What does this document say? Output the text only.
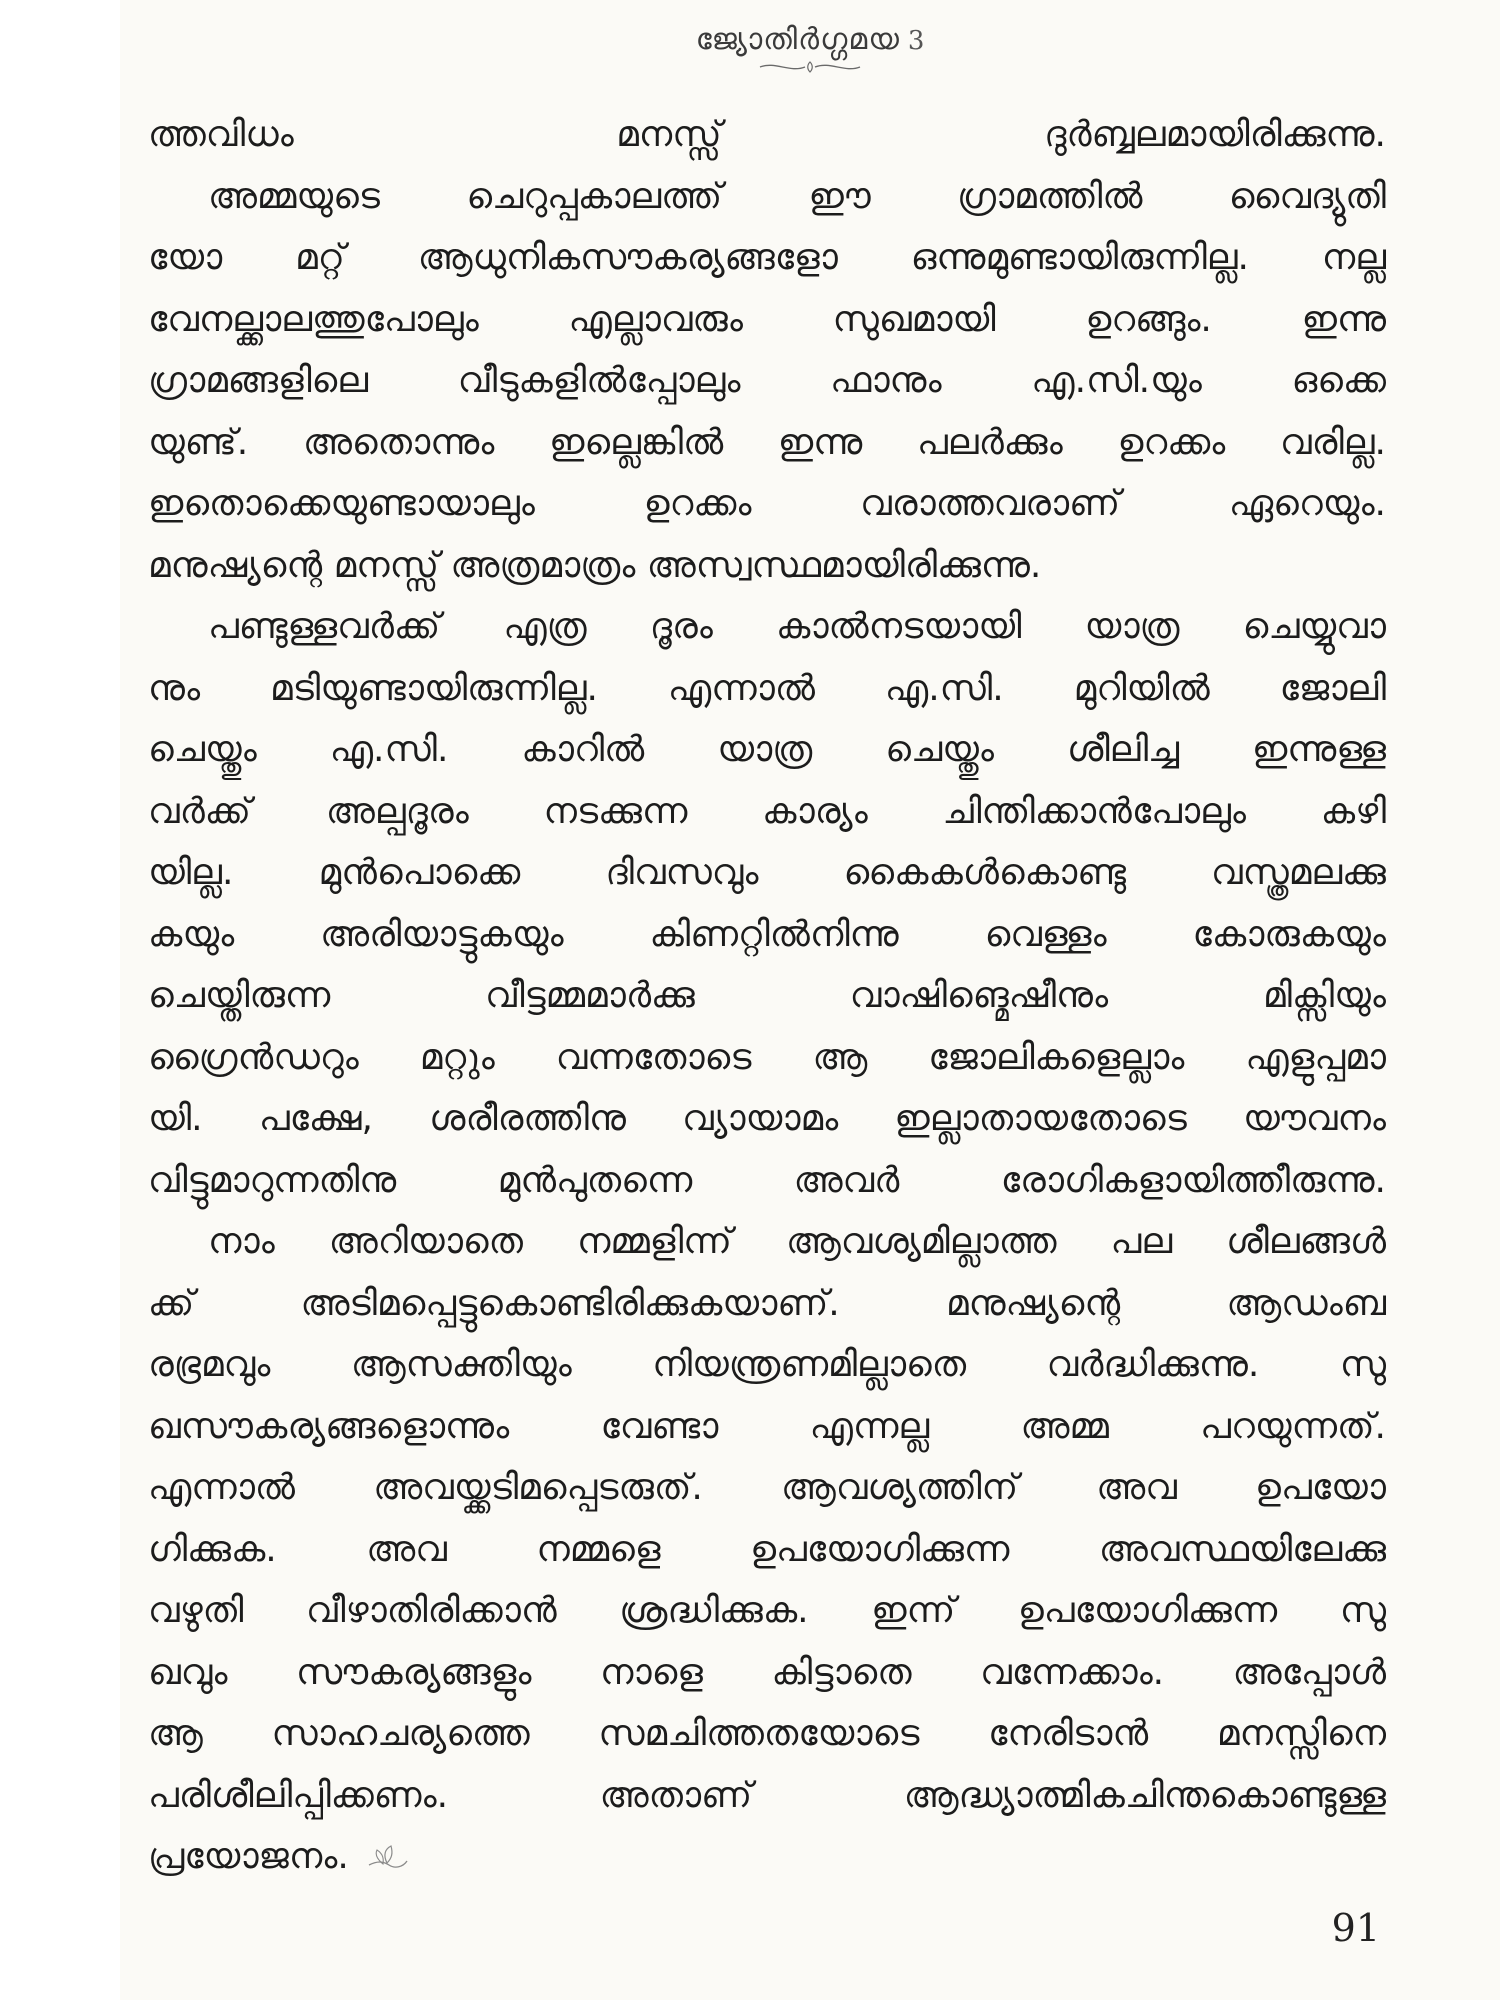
ജ്യോതിർഗ്ഗമയ 3
ത്തവിധം മനസ്സ് ദുർബ്ബലമായിരിക്കുന്നു.
അമ്മയുടെ ചെറുപ്പകാലത്ത് ഈ ഗ്രാമത്തിൽ വൈദ്യുതി
യോ മറ്റ് ആധുനികസൗകര്യങ്ങളോ ഒന്നുമുണ്ടായിരുന്നില്ല. നല്ല
വേനല്ക്കാലത്തുപോലും എല്ലാവരും സുഖമായി ഉറങ്ങും. ഇന്നു
ഗ്രാമങ്ങളിലെ വീടുകളിൽപ്പോലും ഫാനും എ.സി.യും ഒക്കെ
യുണ്ട്. അതൊന്നും ഇല്ലെങ്കിൽ ഇന്നു പലർക്കും ഉറക്കം വരില്ല.
ഇതൊക്കെയുണ്ടായാലും ഉറക്കം വരാത്തവരാണ് ഏറെയും.
മനുഷ്യന്റെ മനസ്സ് അത്രമാത്രം അസ്വസ്ഥമായിരിക്കുന്നു.
പണ്ടുള്ളവർക്ക് എത്ര ദൂരം കാൽനടയായി യാത്ര ചെയ്യുവാ
നും മടിയുണ്ടായിരുന്നില്ല. എന്നാൽ എ.സി. മുറിയിൽ ജോലി
ചെയ്തും എ.സി. കാറിൽ യാത്ര ചെയ്തും ശീലിച്ച ഇന്നുള്ള
വർക്ക് അല്പദൂരം നടക്കുന്ന കാര്യം ചിന്തിക്കാൻപോലും കഴി
യില്ല. മുൻപൊക്കെ ദിവസവും കൈകൾകൊണ്ടു വസ്ത്രമലക്കു
കയും അരിയാട്ടുകയും കിണറ്റിൽനിന്നു വെള്ളം കോരുകയും
ചെയ്തിരുന്ന വീട്ടമ്മമാർക്കു വാഷിങ്മെഷീനും മിക്സിയും
ഗ്രൈൻഡറും മറ്റും വന്നതോടെ ആ ജോലികളെല്ലാം എളുപ്പമാ
യി. പക്ഷേ, ശരീരത്തിനു വ്യായാമം ഇല്ലാതായതോടെ യൗവനം
വിട്ടുമാറുന്നതിനു മുൻപുതന്നെ അവർ രോഗികളായിത്തീരുന്നു.
നാം അറിയാതെ നമ്മളിന്ന് ആവശ്യമില്ലാത്ത പല ശീലങ്ങൾ
ക്ക് അടിമപ്പെട്ടുകൊണ്ടിരിക്കുകയാണ്. മനുഷ്യന്റെ ആഡംബ
രഭ്രമവും ആസക്തിയും നിയന്ത്രണമില്ലാതെ വർദ്ധിക്കുന്നു. സു
ഖസൗകര്യങ്ങളൊന്നും വേണ്ടാ എന്നല്ല അമ്മ പറയുന്നത്.
എന്നാൽ അവയ്ക്കടിമപ്പെടരുത്. ആവശ്യത്തിന് അവ ഉപയോ
ഗിക്കുക. അവ നമ്മളെ ഉപയോഗിക്കുന്ന അവസ്ഥയിലേക്കു
വഴുതി വീഴാതിരിക്കാൻ ശ്രദ്ധിക്കുക. ഇന്ന് ഉപയോഗിക്കുന്ന സു
ഖവും സൗകര്യങ്ങളും നാളെ കിട്ടാതെ വന്നേക്കാം. അപ്പോൾ
ആ സാഹചര്യത്തെ സമചിത്തതയോടെ നേരിടാൻ മനസ്സിനെ
പരിശീലിപ്പിക്കണം. അതാണ് ആദ്ധ്യാത്മികചിന്തകൊണ്ടുള്ള
പ്രയോജനം.
91
